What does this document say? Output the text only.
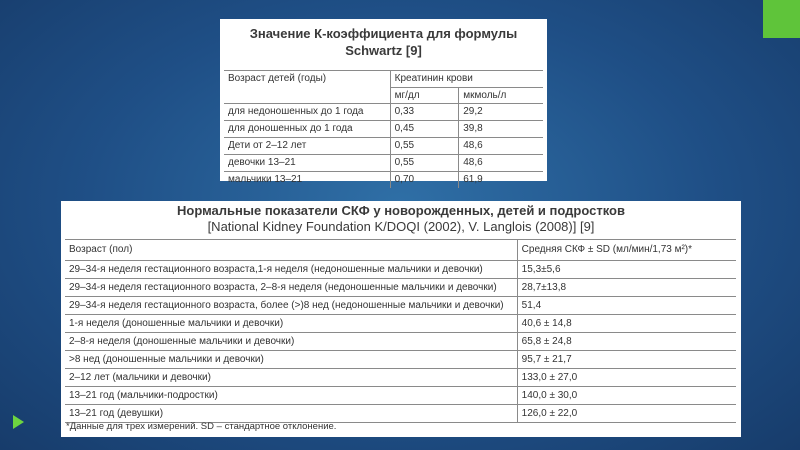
Значение К-коэффициента для формулы
Schwartz [9]
Возраст детей (годы)	Креатинин крови	
	мг/дл	мкмоль/л
для недоношенных до 1 года	0,33	29,2
для доношенных до 1 года	0,45	39,8
Дети от 2–12 лет	0,55	48,6
девочки 13–21	0,55	48,6
мальчики 13–21	0,70	61,9
Нормальные показатели СКФ у новорожденных, детей и подростков
[National Kidney Foundation K/DOQI (2002), V. Langlois (2008)] [9]
Возраст (пол)	Средняя СКФ ± SD (мл/мин/1,73 м²)*
29–34-я неделя гестационного возраста,1-я неделя (недоношенные мальчики и девочки)	15,3±5,6
29–34-я неделя гестационного возраста, 2–8-я неделя (недоношенные мальчики и девочки)	28,7±13,8
29–34-я неделя гестационного возраста, более (>)8 нед (недоношенные мальчики и девочки)	51,4
1-я неделя (доношенные мальчики и девочки)	40,6 ± 14,8
2–8-я неделя (доношенные мальчики и девочки)	65,8 ± 24,8
>8 нед (доношенные мальчики и девочки)	95,7 ± 21,7
2–12 лет (мальчики и девочки)	133,0 ± 27,0
13–21 год (мальчики-подростки)	140,0 ± 30,0
13–21 год (девушки)	126,0 ± 22,0
*Данные для трех измерений. SD – стандартное отклонение.
